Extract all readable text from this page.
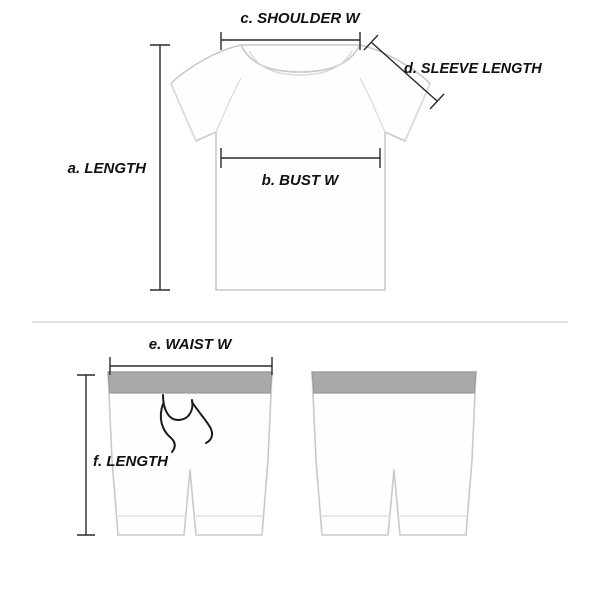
a. LENGTH
b. BUST W
c. SHOULDER W
d. SLEEVE LENGTH
e. WAIST W
f. LENGTH
